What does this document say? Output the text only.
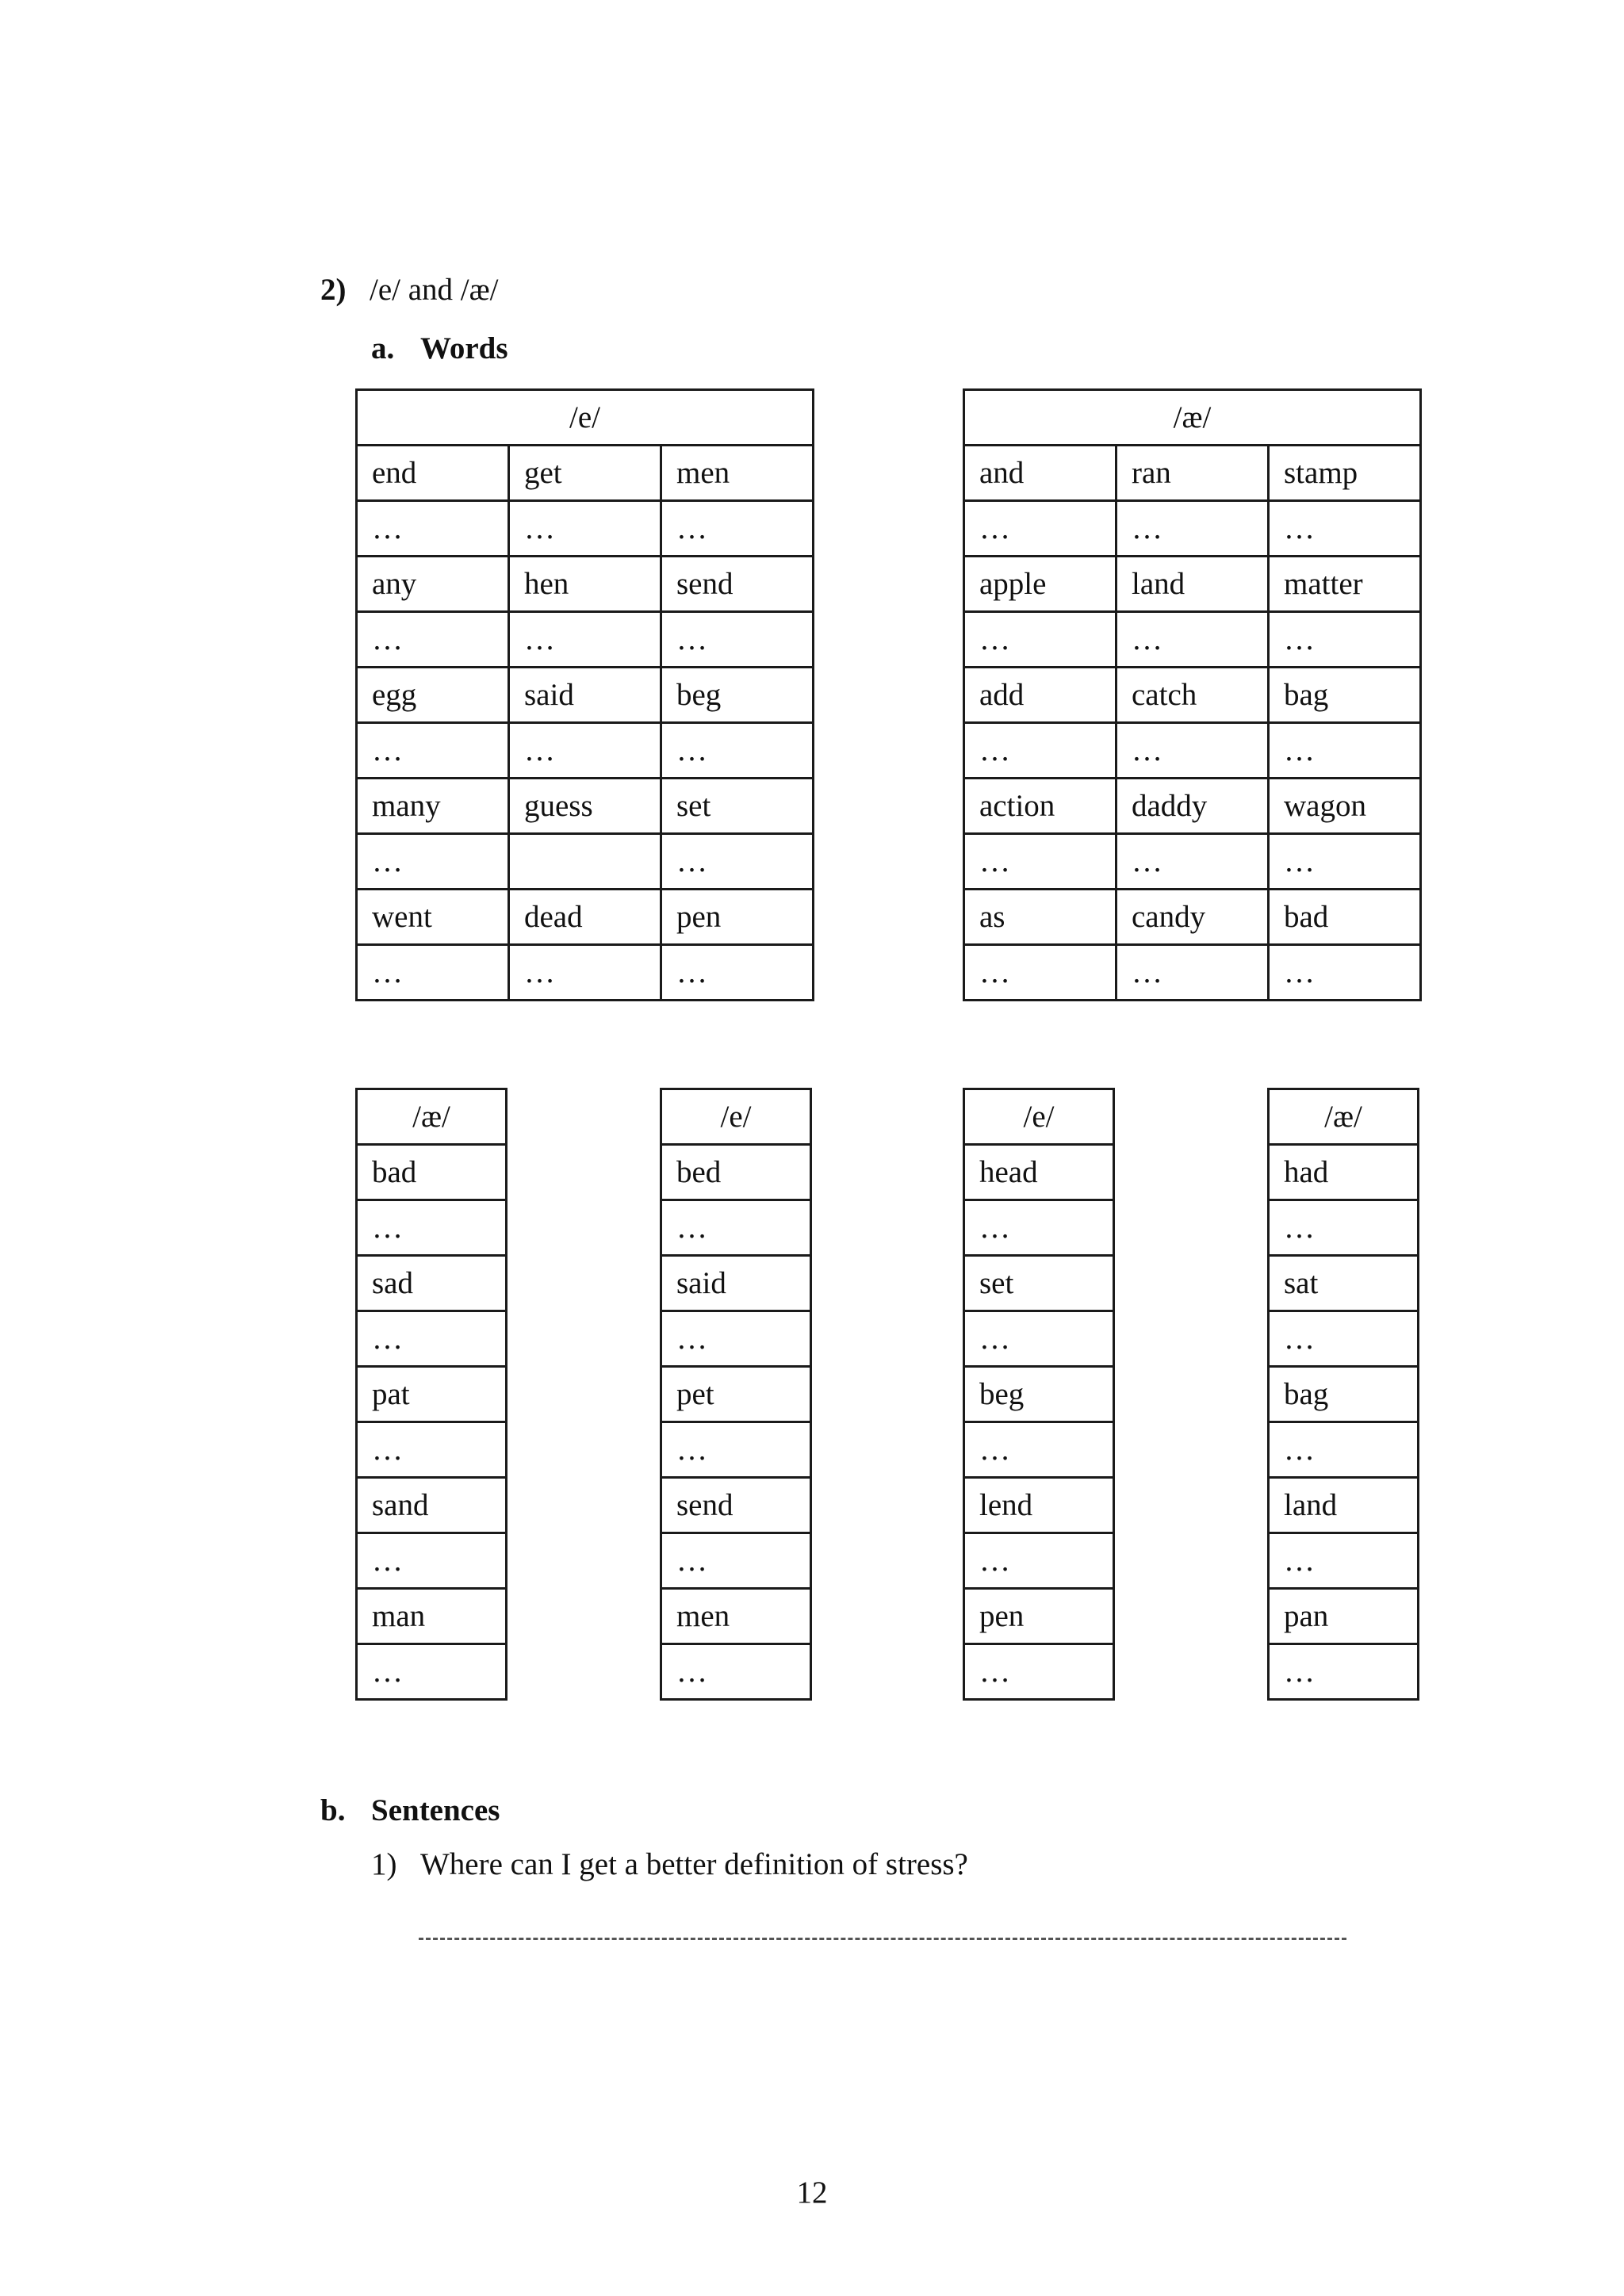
2) /e/ and /æ/
a. Words
/e/		
end	get	men
…	…	…
any	hen	send
…	…	…
egg	said	beg
…	…	…
many	guess	set
…		…
went	dead	pen
…	…	…
/æ/		
and	ran	stamp
…	…	…
apple	land	matter
…	…	…
add	catch	bag
…	…	…
action	daddy	wagon
…	…	…
as	candy	bad
…	…	…
/æ/
bad
…
sad
…
pat
…
sand
…
man
…
/e/
bed
…
said
…
pet
…
send
…
men
…
/e/
head
…
set
…
beg
…
lend
…
pen
…
/æ/
had
…
sat
…
bag
…
land
…
pan
…
b. Sentences
1) Where can I get a better definition of stress?
12
